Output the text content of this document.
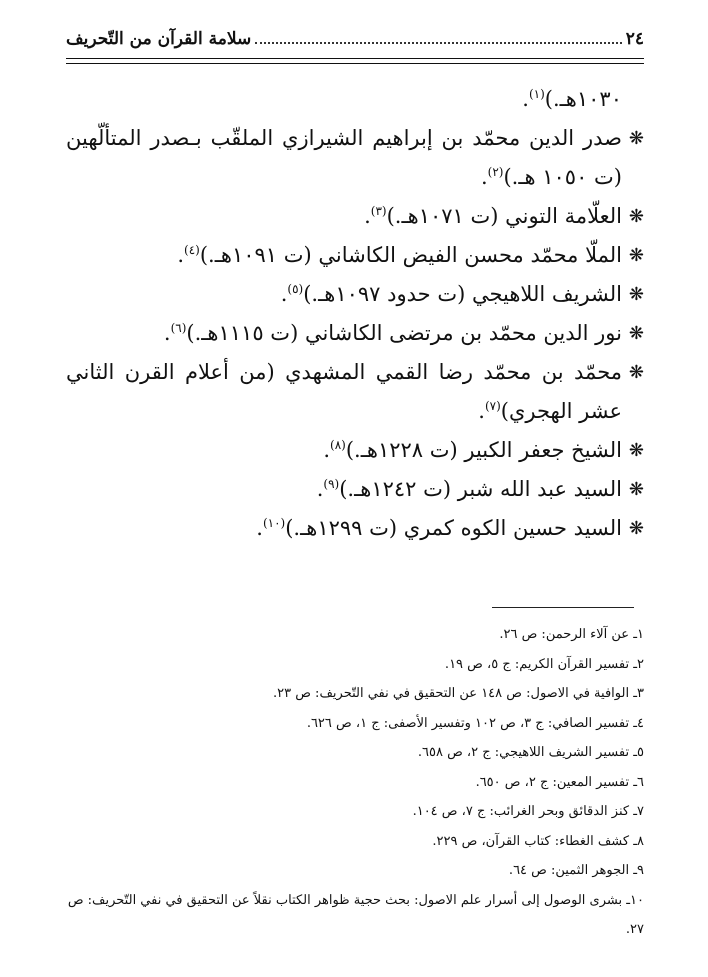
٢٤
سلامة القرآن من التّحريف

١٠٣٠هـ.)$^{(١)}$.

❋
صدر الدين محمّد بن إبراهيم الشيرازي الملقّب بـصدر المتألّهين (ت ١٠٥٠ هـ.)$^{(٢)}$.

❋
العلّامة التوني (ت ١٠٧١هـ.)$^{(٣)}$.

❋
الملّا محمّد محسن الفيض الكاشاني (ت ١٠٩١هـ.)$^{(٤)}$.

❋
الشريف اللاهيجي (ت حدود ١٠٩٧هـ.)$^{(٥)}$.

❋
نور الدين محمّد بن مرتضى الكاشاني (ت ١١١٥هـ.)$^{(٦)}$.

❋
محمّد بن محمّد رضا القمي المشهدي (من أعلام القرن الثاني عشر الهجري)$^{(٧)}$.

❋
الشيخ جعفر الكبير (ت ١٢٢٨هـ.)$^{(٨)}$.

❋
السيد عبد الله شبر (ت ١٢٤٢هـ.)$^{(٩)}$.

❋
السيد حسين الكوه كمري (ت ١٢٩٩هـ.)$^{(١٠)}$.

١ـ عن آلاء الرحمن: ص ٢٦.
٢ـ تفسير القرآن الكريم: ج ٥، ص ١٩.
٣ـ الوافية في الاصول: ص ١٤٨ عن التحقيق في نفي التّحريف: ص ٢٣.
٤ـ تفسير الصافي: ج ٣، ص ١٠٢ وتفسير الأصفى: ج ١، ص ٦٢٦.
٥ـ تفسير الشريف اللاهيجي: ج ٢، ص ٦٥٨.
٦ـ تفسير المعين: ج ٢، ص ٦٥٠.
٧ـ كنز الدقائق وبحر الغرائب: ج ٧، ص ١٠٤.
٨ـ كشف الغطاء: كتاب القرآن، ص ٢٢٩.
٩ـ الجوهر الثمين: ص ٦٤.
١٠ـ بشرى الوصول إلى أسرار علم الاصول: بحث حجية ظواهر الكتاب نقلاً عن التحقيق في نفي التّحريف: ص ٢٧.
